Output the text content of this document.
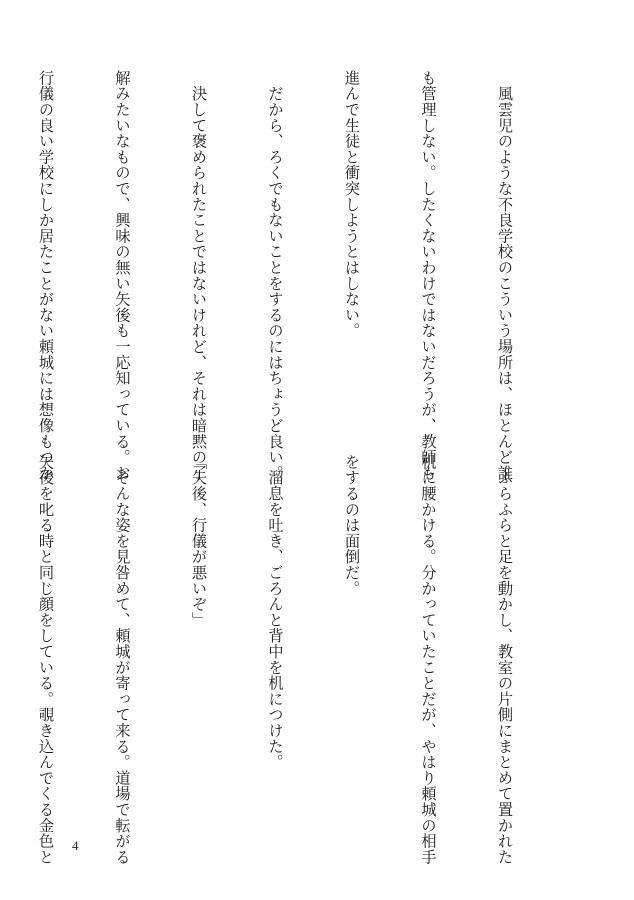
　風雲児のような不良学校のこういう場所は、ほとんど誰

も管理しない。したくないわけではないだろうが、教師も

進んで生徒と衝突しようとはしない。

　だから、ろくでもないことをするのにはちょうど良い。

　決して褒められたことではないけれど、それは暗黙の了

解みたいなもので、興味の無い矢後も一応知っている。お

行儀の良い学校にしか居たことがない頼城には想像もつか

　ふらふらと足を動かし、教室の片側にまとめて置かれた

机に腰かける。分かっていたことだが、やはり頼城の相手

をするのは面倒だ。

　溜息を吐き、ごろんと背中を机につけた。

「矢後、行儀が悪いぞ」

　そんな姿を見咎めて、頼城が寄って来る。道場で転がる

矢後を叱る時と同じ顔をしている。覗き込んでくる金色と

4
